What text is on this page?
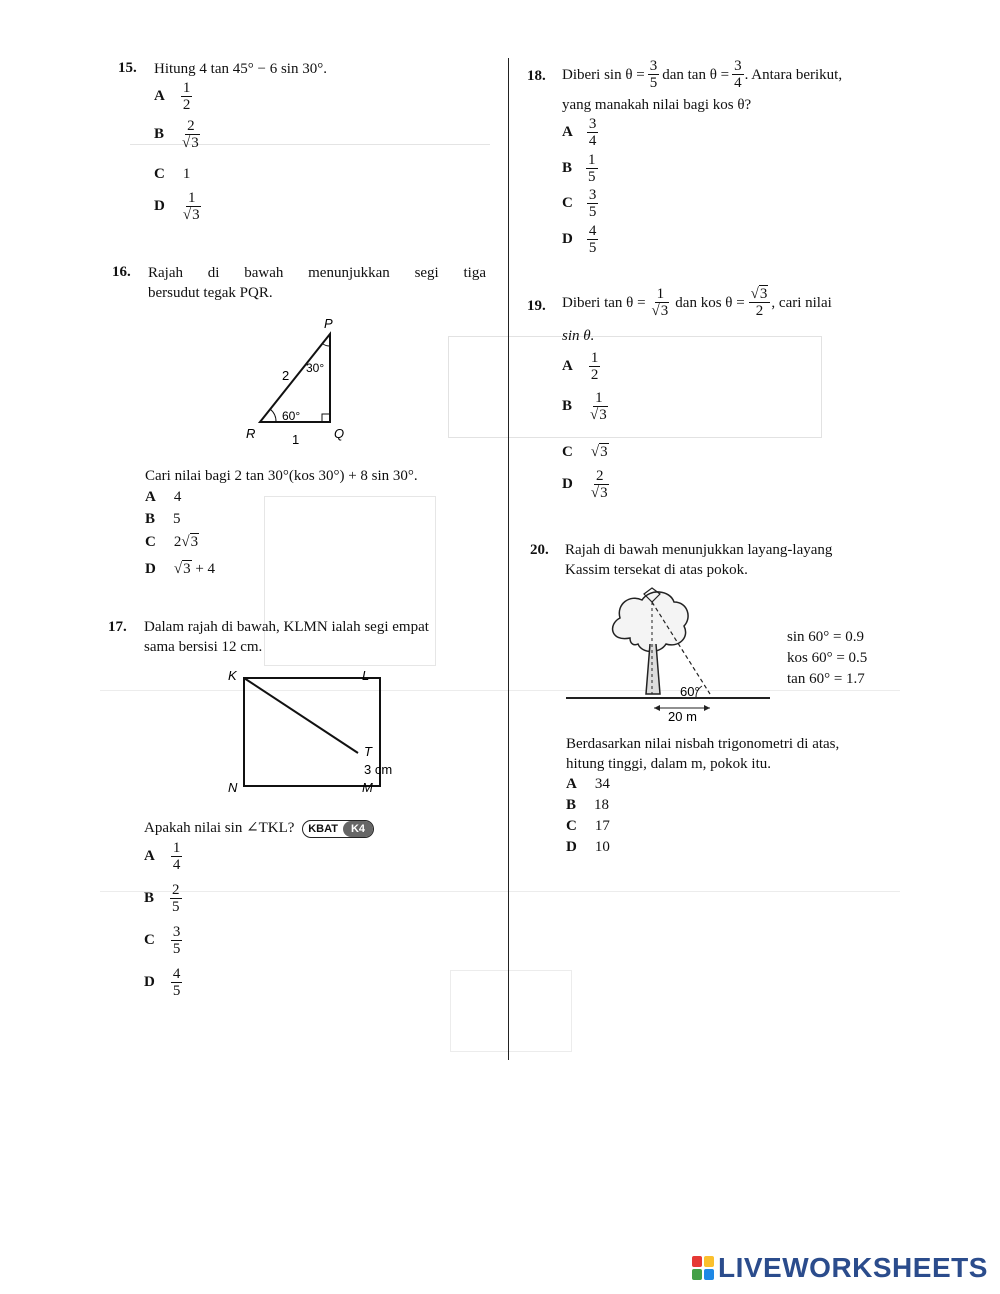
15. Hitung 4 tan 45° − 6 sin 30°.
A $\frac{1}{2}$
B $\frac{2}{√3}$
C 1
D $\frac{1}{√3}$
16. Rajah di bawah menunjukkan segi tiga
bersudut tegak PQR.
P
Q
R
2
1
30°
60°
Cari nilai bagi 2 tan 30°(kos 30°) + 8 sin 30°.
A 4
B 5
C 2√3
D √3 + 4
17. Dalam rajah di bawah, KLMN ialah segi empat
sama bersisi 12 cm.
K	L
M
N
T
3 cm
Apakah nilai sin ∠TKL?	KBAT	K4
A $\frac{1}{4}$
B $\frac{2}{5}$
C $\frac{3}{5}$
D $\frac{4}{5}$
18. Diberi $\sin \theta = \frac{3}{5}$ dan $\tan \theta = \frac{3}{4}$ . Antara berikut,
yang manakah nilai bagi kos θ?
A $\frac{3}{4}$
B $\frac{1}{5}$
C $\frac{3}{5}$
D $\frac{4}{5}$
19. Diberi $\tan \theta = \frac{1}{√3}$ dan kos $\theta = \frac{√3}{2}$ , cari nilai
sin θ.
A $\frac{1}{2}$
B $\frac{1}{√3}$
C √3
D $\frac{2}{√3}$
20. Rajah di bawah menunjukkan layang-layang
Kassim tersekat di atas pokok.
60°
20 m
sin 60° = 0.9
kos 60° = 0.5
tan 60° = 1.7
Berdasarkan nilai nisbah trigonometri di atas,
hitung tinggi, dalam m, pokok itu.
A 34
B 18
C 17
D 10
LIVEWORKSHEETS
